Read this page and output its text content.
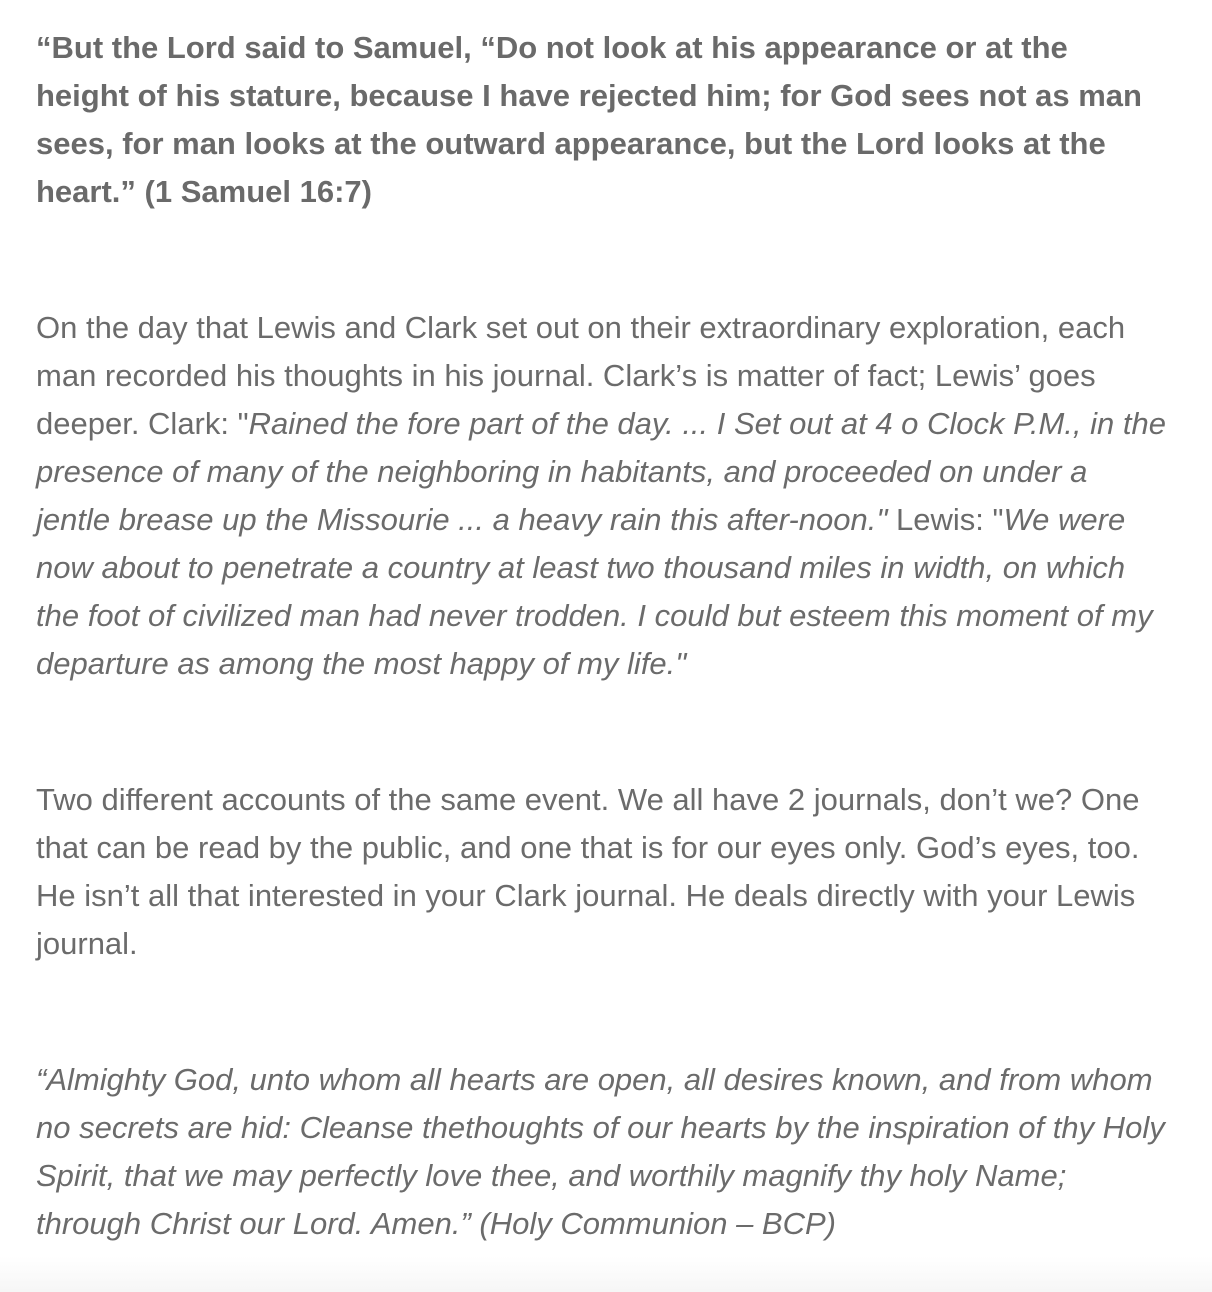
“But the Lord said to Samuel, “Do not look at his appearance or at the height of his stature, because I have rejected him; for God sees not as man sees, for man looks at the outward appearance, but the Lord looks at the heart.” (1 Samuel 16:7)

On the day that Lewis and Clark set out on their extraordinary exploration, each man recorded his thoughts in his journal. Clark’s is matter of fact; Lewis’ goes deeper. Clark: "Rained the fore part of the day. ... I Set out at 4 o Clock P.M., in the presence of many of the neighboring in habitants, and proceeded on under a jentle brease up the Missourie ... a heavy rain this after-noon." Lewis: "We were now about to penetrate a country at least two thousand miles in width, on which the foot of civilized man had never trodden. I could but esteem this moment of my departure as among the most happy of my life."

Two different accounts of the same event. We all have 2 journals, don’t we? One that can be read by the public, and one that is for our eyes only. God’s eyes, too. He isn’t all that interested in your Clark journal. He deals directly with your Lewis journal.

“Almighty God, unto whom all hearts are open, all desires known, and from whom no secrets are hid: Cleanse thethoughts of our hearts by the inspiration of thy Holy Spirit, that we may perfectly love thee, and worthily magnify thy holy Name; through Christ our Lord. Amen.” (Holy Communion – BCP)
